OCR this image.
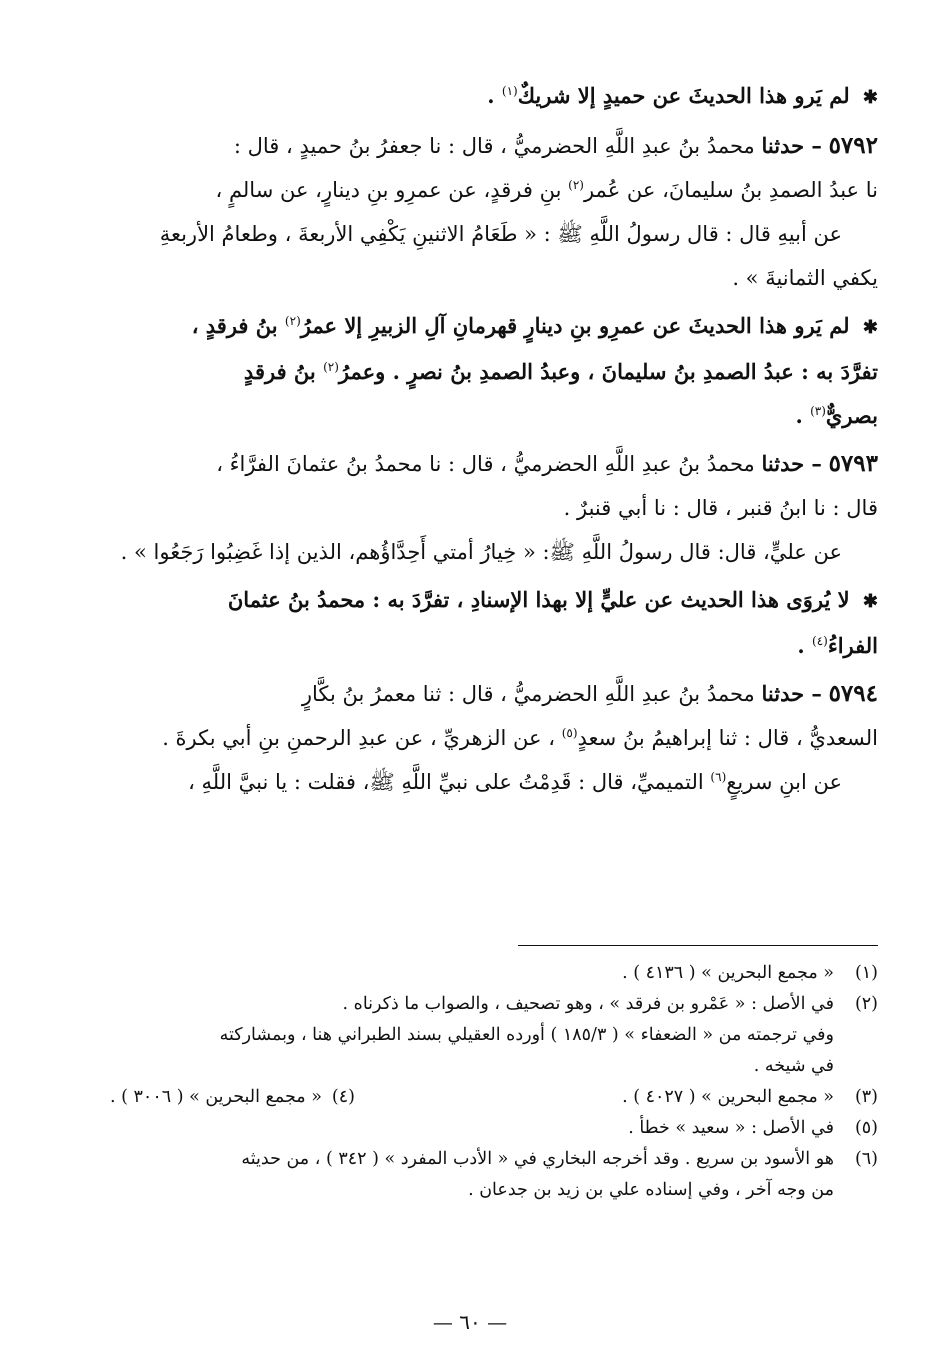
✱ لم يَرو هذا الحديثَ عن حميدٍ إلا شريكٌ$^{(١)}$ .

٥٧٩٢ – حدثنا محمدُ بنُ عبدِ اللَّهِ الحضرميُّ ، قال : نا جعفرُ بنُ حميدٍ ، قال :

نا عبدُ الصمدِ بنُ سليمانَ، عن عُمر$^{(٢)}$ بنِ فرقدٍ، عن عمرِو بنِ دينارٍ، عن سالمٍ ،

عن أبيهِ قال : قال رسولُ اللَّهِ ﷺ : « طَعَامُ الاثنينِ يَكْفِي الأربعةَ ، وطعامُ الأربعةِ

يكفي الثمانيةَ » .

✱ لم يَرو هذا الحديثَ عن عمرِو بنِ دينارٍ قهرمانِ آلِ الزبيرِ إلا عمرُ$^{(٢)}$ بنُ فرقدٍ ،

تفرَّدَ به : عبدُ الصمدِ بنُ سليمانَ ، وعبدُ الصمدِ بنُ نصرٍ . وعمرُ$^{(٢)}$ بنُ فرقدٍ

بصريٌّ$^{(٣)}$ .

٥٧٩٣ – حدثنا محمدُ بنُ عبدِ اللَّهِ الحضرميُّ ، قال : نا محمدُ بنُ عثمانَ الفرَّاءُ ،

قال : نا ابنُ قنبر ، قال : نا أبي قنبرٌ .

عن عليٍّ، قال: قال رسولُ اللَّهِ ﷺ: « خِيارُ أمتي أَحِدَّاؤُهم، الذين إذا غَضِبُوا رَجَعُوا » .

✱ لا يُروَى هذا الحديث عن عليٍّ إلا بهذا الإسنادِ ، تفرَّدَ به : محمدُ بنُ عثمانَ

الفراءُ$^{(٤)}$ .

٥٧٩٤ – حدثنا محمدُ بنُ عبدِ اللَّهِ الحضرميُّ ، قال : ثنا معمرُ بنُ بكَّارٍ

السعديُّ ، قال : ثنا إبراهيمُ بنُ سعدٍ$^{(٥)}$ ، عن الزهريِّ ، عن عبدِ الرحمنِ بنِ أبي بكرةَ .

عن ابنِ سريعٍ$^{(٦)}$ التميميِّ، قال : قَدِمْتُ على نبيِّ اللَّهِ ﷺ، فقلت : يا نبيَّ اللَّهِ ،

(١)
« مجمع البحرين » ( ٤١٣٦ ) .
(٢)
في الأصل : « عَمْرو بن فرقد » ، وهو تصحيف ، والصواب ما ذكرناه .
وفي ترجمته من « الضعفاء » ( ١٨٥/٣ ) أورده العقيلي بسند الطبراني هنا ، وبمشاركته
في شيخه .
(٣)
« مجمع البحرين » ( ٤٠٢٧ ) .
(٤)
« مجمع البحرين » ( ٣٠٠٦ ) .
(٥)
في الأصل : « سعيد » خطأ .
(٦)
هو الأسود بن سريع . وقد أخرجه البخاري في « الأدب المفرد » ( ٣٤٢ ) ، من حديثه
من وجه آخر ، وفي إسناده علي بن زيد بن جدعان .
— ٦٠ —
